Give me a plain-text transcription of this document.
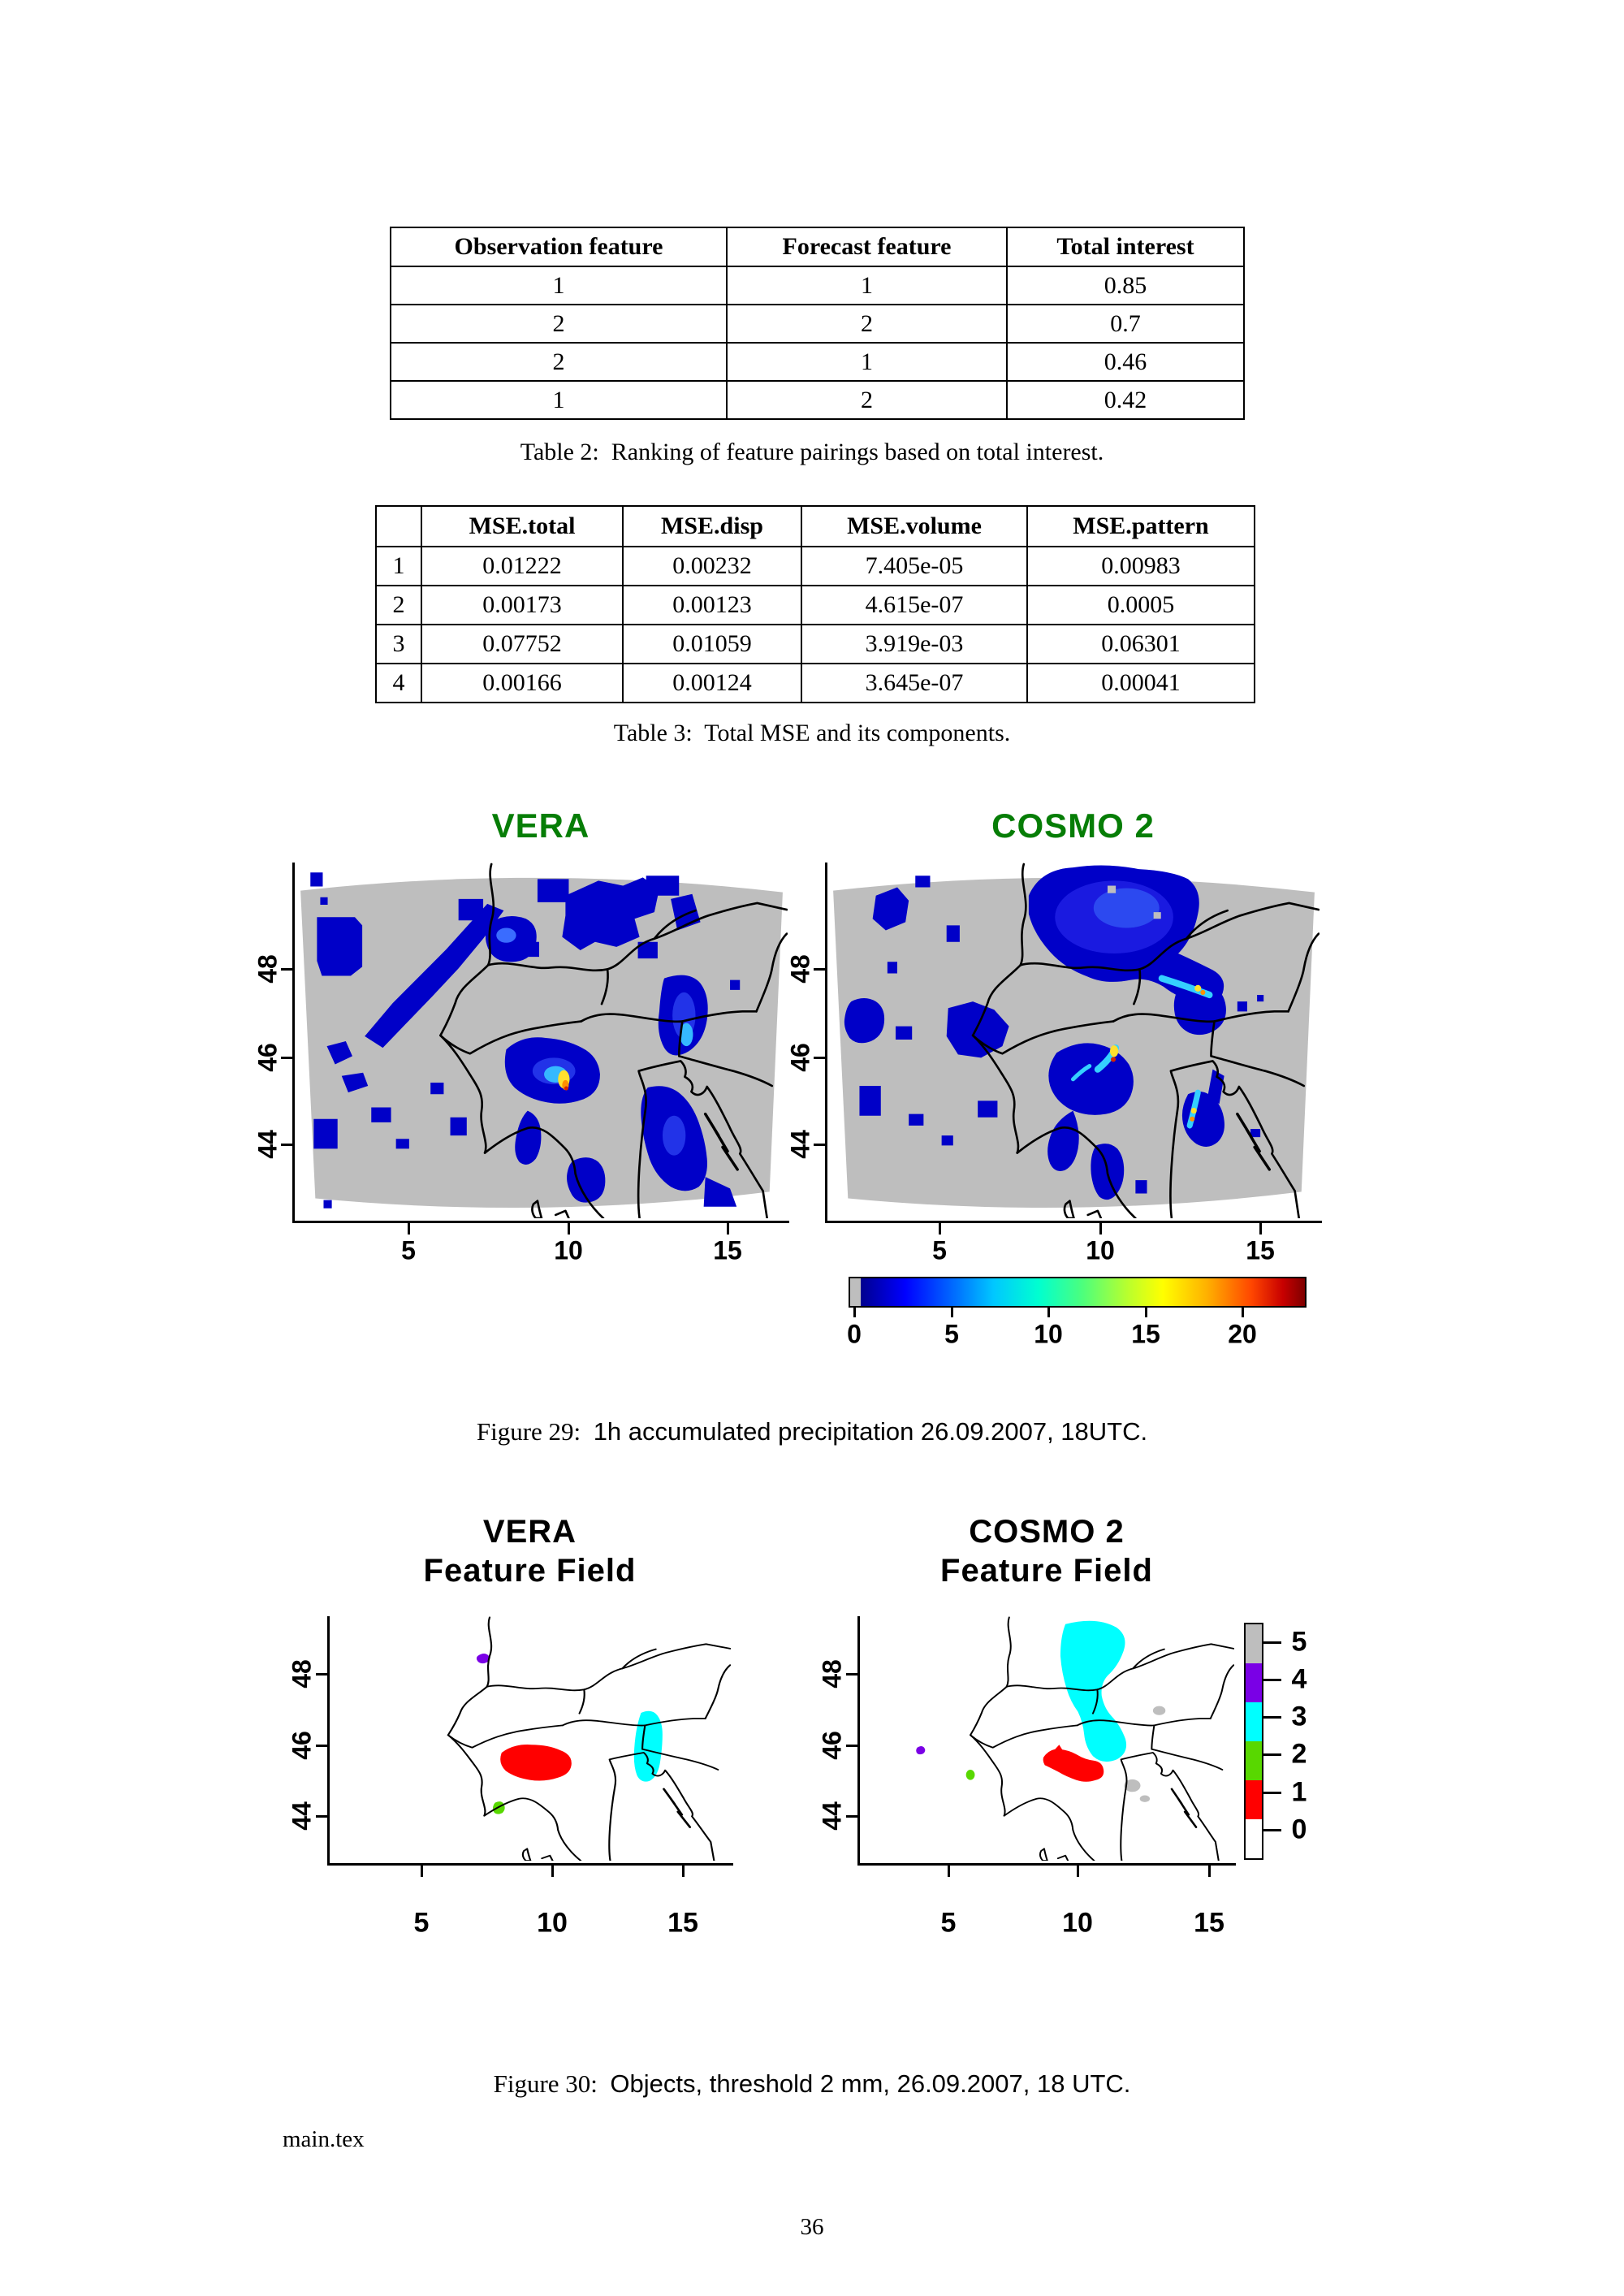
Observation feature	Forecast feature	Total interest
1	1	0.85
2	2	0.7
2	1	0.46
1	2	0.42
Table 2: Ranking of feature pairings based on total interest.
	MSE.total	MSE.disp	MSE.volume	MSE.pattern
1	0.01222	0.00232	7.405e-05	0.00983
2	0.00173	0.00123	4.615e-07	0.0005
3	0.07752	0.01059	3.919e-03	0.06301
4	0.00166	0.00124	3.645e-07	0.00041
Table 3: Total MSE and its components.
VERA	COSMO 2
48
46
44
5	10	15
48
46
44
5	10	15
0	5	10	15	20
Figure 29: 1h accumulated precipitation 26.09.2007, 18UTC.
VERA
Feature Field
COSMO 2
Feature Field
48
46
44
5	10	15
48
46
44
5	10	15
5
4
3
2
1
0
Figure 30: Objects, threshold 2 mm, 26.09.2007, 18 UTC.
main.tex
36
